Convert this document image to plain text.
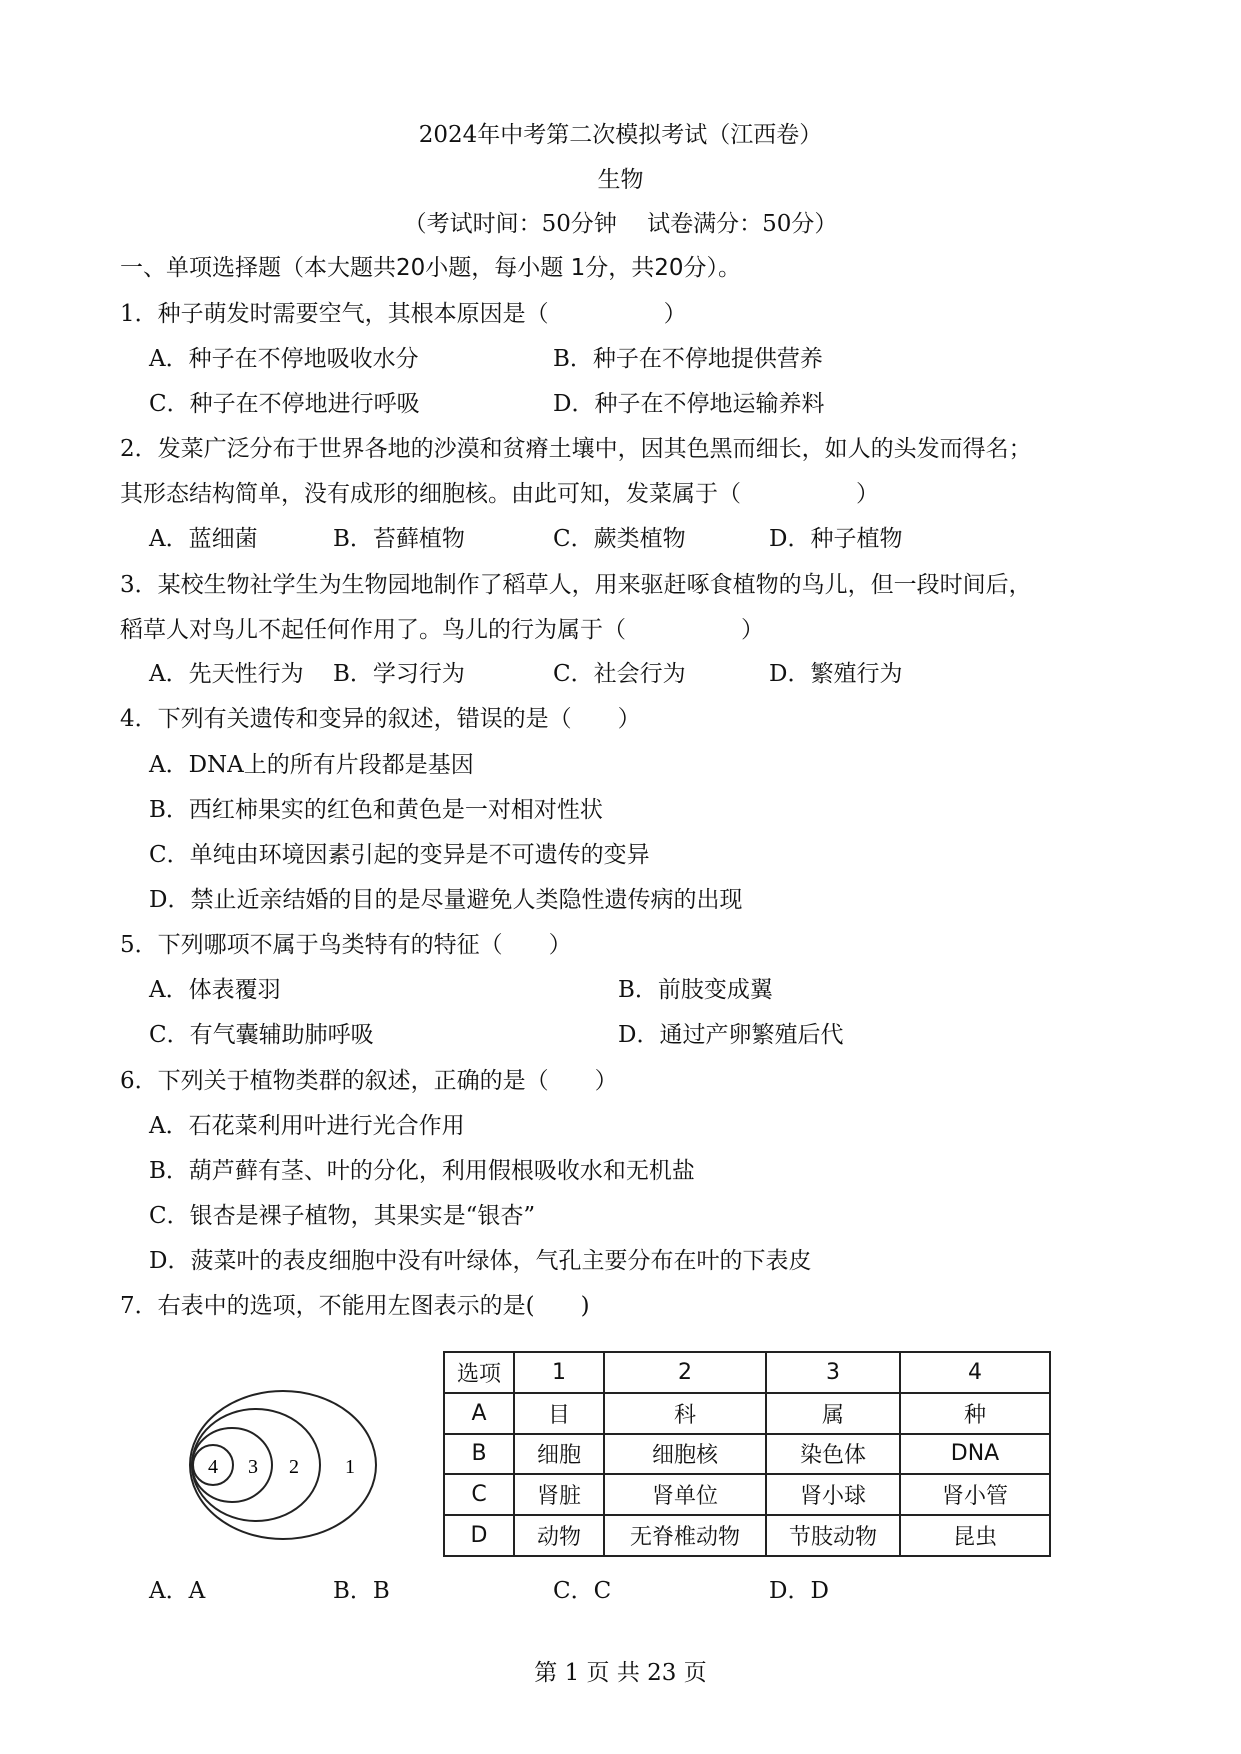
2024年中考第二次模拟考试（江西卷）
生物
（考试时间：50分钟　 试卷满分：50分）
一、单项选择题（本大题共20小题，每小题 1分，共20分）。
1．种子萌发时需要空气，其根本原因是（　　　　　）
A．种子在不停地吸收水分	B．种子在不停地提供营养
C．种子在不停地进行呼吸	D．种子在不停地运输养料
2．发菜广泛分布于世界各地的沙漠和贫瘠土壤中，因其色黑而细长，如人的头发而得名；
其形态结构简单，没有成形的细胞核。由此可知，发菜属于（　　　　　）
A．蓝细菌	B．苔藓植物	C．蕨类植物	D．种子植物
3．某校生物社学生为生物园地制作了稻草人，用来驱赶啄食植物的鸟儿，但一段时间后，
稻草人对鸟儿不起任何作用了。鸟儿的行为属于（　　　　　）
A．先天性行为 B．学习行为	C．社会行为	D．繁殖行为
4．下列有关遗传和变异的叙述，错误的是（　　）
A．DNA上的所有片段都是基因
B．西红柿果实的红色和黄色是一对相对性状
C．单纯由环境因素引起的变异是不可遗传的变异
D．禁止近亲结婚的目的是尽量避免人类隐性遗传病的出现
5．下列哪项不属于鸟类特有的特征（　　）
A．体表覆羽	B．前肢变成翼
C．有气囊辅助肺呼吸	D．通过产卵繁殖后代
6．下列关于植物类群的叙述，正确的是（　　）
A．石花菜利用叶进行光合作用
B．葫芦藓有茎、叶的分化，利用假根吸收水和无机盐
C．银杏是裸子植物，其果实是“银杏”
D．菠菜叶的表皮细胞中没有叶绿体，气孔主要分布在叶的下表皮
7．右表中的选项，不能用左图表示的是(　　)
4 3 2 1
选项	1	2	3	4
A	目	科	属	种
B	细胞	细胞核	染色体	DNA
C	肾脏	肾单位	肾小球	肾小管
D	动物	无脊椎动物	节肢动物	昆虫
A．A	B．B	C．C	D．D
第 1 页 共 23 页
